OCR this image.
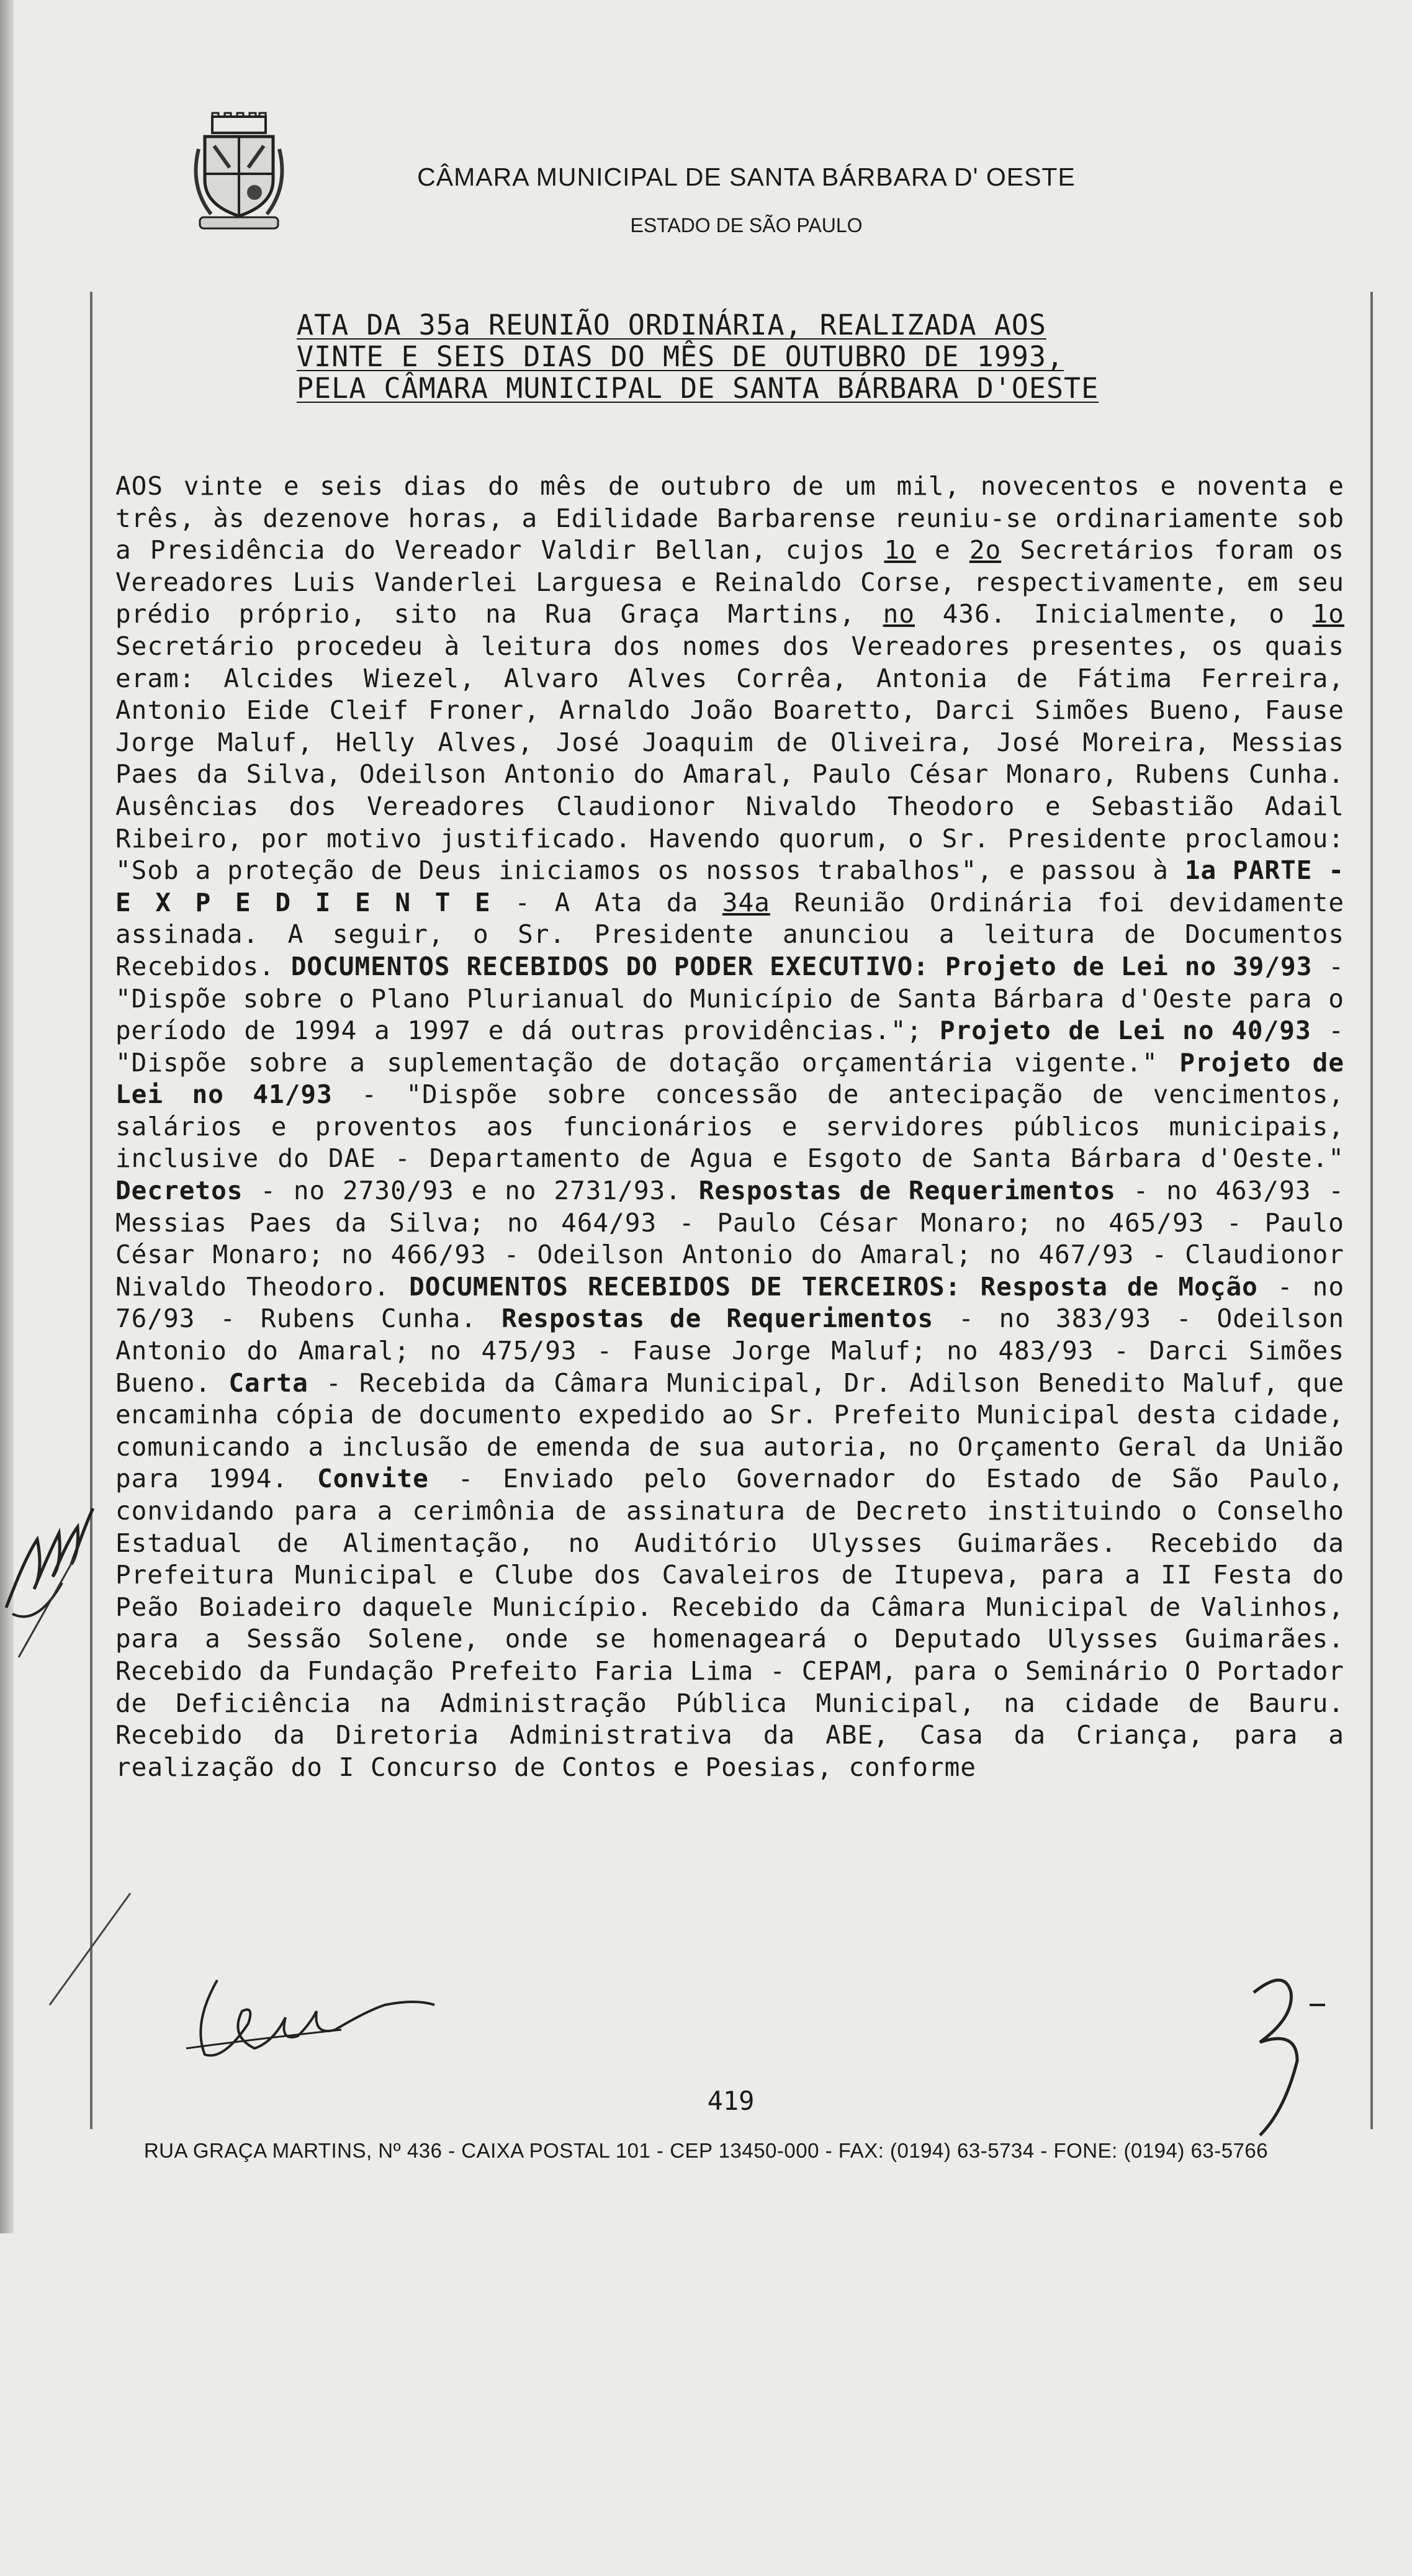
CÂMARA MUNICIPAL DE SANTA BÁRBARA D' OESTE
ESTADO DE SÃO PAULO
ATA DA 35a REUNIÃO ORDINÁRIA, REALIZADA AOS
VINTE E SEIS DIAS DO MÊS DE OUTUBRO DE 1993,
PELA CÂMARA MUNICIPAL DE SANTA BÁRBARA D'OESTE
AOS vinte e seis dias do mês de outubro de um mil, novecentos e noventa e três, às dezenove horas, a Edilidade Barbarense reuniu-se ordinariamente sob a Presidência do Vereador Valdir Bellan, cujos 1o e 2o Secretários foram os Vereadores Luis Vanderlei Larguesa e Reinaldo Corse, respectivamente, em seu prédio próprio, sito na Rua Graça Martins, no 436. Inicialmente, o 1o Secretário procedeu à leitura dos nomes dos Vereadores presentes, os quais eram: Alcides Wiezel, Alvaro Alves Corrêa, Antonia de Fátima Ferreira, Antonio Eide Cleif Froner, Arnaldo João Boaretto, Darci Simões Bueno, Fause Jorge Maluf, Helly Alves, José Joaquim de Oliveira, José Moreira, Messias Paes da Silva, Odeilson Antonio do Amaral, Paulo César Monaro, Rubens Cunha. Ausências dos Vereadores Claudionor Nivaldo Theodoro e Sebastião Adail Ribeiro, por motivo justificado. Havendo quorum, o Sr. Presidente proclamou: "Sob a proteção de Deus iniciamos os nossos trabalhos", e passou à 1a PARTE - E X P E D I E N T E - A Ata da 34a Reunião Ordinária foi devidamente assinada. A seguir, o Sr. Presidente anunciou a leitura de Documentos Recebidos. DOCUMENTOS RECEBIDOS DO PODER EXECUTIVO: Projeto de Lei no 39/93 - "Dispõe sobre o Plano Plurianual do Município de Santa Bárbara d'Oeste para o período de 1994 a 1997 e dá outras providências."; Projeto de Lei no 40/93 - "Dispõe sobre a suplementação de dotação orçamentária vigente." Projeto de Lei no 41/93 - "Dispõe sobre concessão de antecipação de vencimentos, salários e proventos aos funcionários e servidores públicos municipais, inclusive do DAE - Departamento de Agua e Esgoto de Santa Bárbara d'Oeste." Decretos - no 2730/93 e no 2731/93. Respostas de Requerimentos - no 463/93 - Messias Paes da Silva; no 464/93 - Paulo César Monaro; no 465/93 - Paulo César Monaro; no 466/93 - Odeilson Antonio do Amaral; no 467/93 - Claudionor Nivaldo Theodoro. DOCUMENTOS RECEBIDOS DE TERCEIROS: Resposta de Moção - no 76/93 - Rubens Cunha. Respostas de Requerimentos - no 383/93 - Odeilson Antonio do Amaral; no 475/93 - Fause Jorge Maluf; no 483/93 - Darci Simões Bueno. Carta - Recebida da Câmara Municipal, Dr. Adilson Benedito Maluf, que encaminha cópia de documento expedido ao Sr. Prefeito Municipal desta cidade, comunicando a inclusão de emenda de sua autoria, no Orçamento Geral da União para 1994. Convite - Enviado pelo Governador do Estado de São Paulo, convidando para a cerimônia de assinatura de Decreto instituindo o Conselho Estadual de Alimentação, no Auditório Ulysses Guimarães. Recebido da Prefeitura Municipal e Clube dos Cavaleiros de Itupeva, para a II Festa do Peão Boiadeiro daquele Município. Recebido da Câmara Municipal de Valinhos, para a Sessão Solene, onde se homenageará o Deputado Ulysses Guimarães. Recebido da Fundação Prefeito Faria Lima - CEPAM, para o Seminário O Portador de Deficiência na Administração Pública Municipal, na cidade de Bauru. Recebido da Diretoria Administrativa da ABE, Casa da Criança, para a realização do I Concurso de Contos e Poesias, conforme
419
RUA GRAÇA MARTINS, Nº 436 - CAIXA POSTAL 101 - CEP 13450-000 - FAX: (0194) 63-5734 - FONE: (0194) 63-5766
